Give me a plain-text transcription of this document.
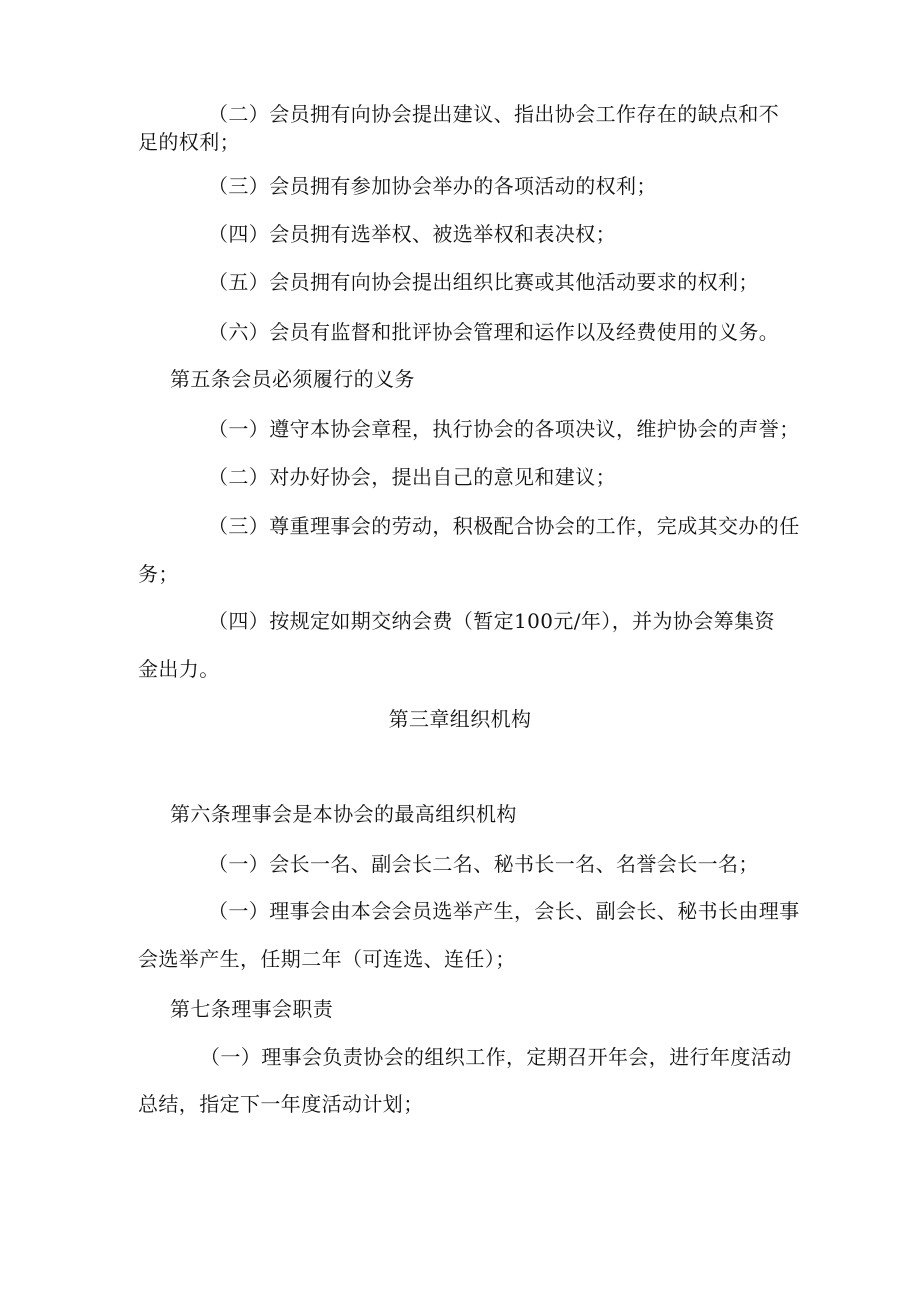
（二）会员拥有向协会提出建议、指出协会工作存在的缺点和不
足的权利；
（三）会员拥有参加协会举办的各项活动的权利；
（四）会员拥有选举权、被选举权和表决权；
（五）会员拥有向协会提出组织比赛或其他活动要求的权利；
（六）会员有监督和批评协会管理和运作以及经费使用的义务。
第五条会员必须履行的义务
（一）遵守本协会章程，执行协会的各项决议，维护协会的声誉；
（二）对办好协会，提出自己的意见和建议；
（三）尊重理事会的劳动，积极配合协会的工作，完成其交办的任
务；
（四）按规定如期交纳会费（暂定100元/年），并为协会筹集资
金出力。
第三章组织机构
第六条理事会是本协会的最高组织机构
（一）会长一名、副会长二名、秘书长一名、名誉会长一名；
（一）理事会由本会会员选举产生，会长、副会长、秘书长由理事
会选举产生，任期二年（可连选、连任）；
第七条理事会职责
（一）理事会负责协会的组织工作，定期召开年会，进行年度活动
总结，指定下一年度活动计划；
